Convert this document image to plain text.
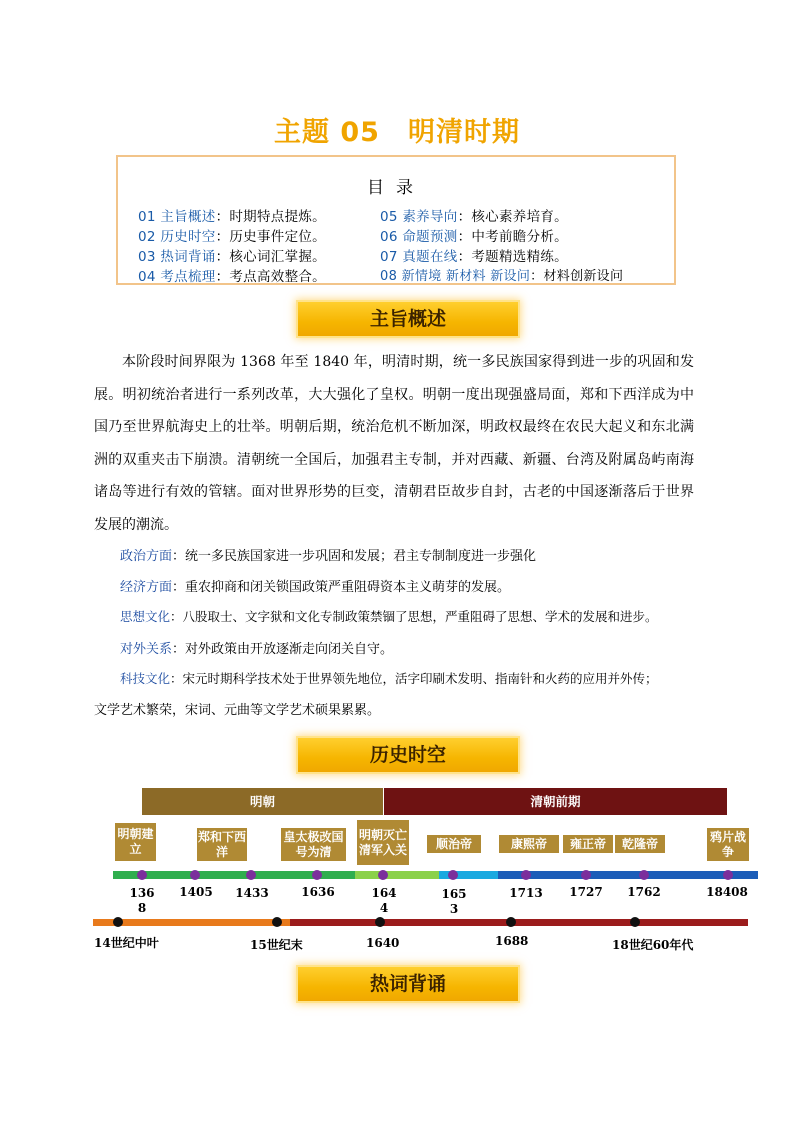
主题 05　明清时期
目录
01 主旨概述：时期特点提炼。
02 历史时空：历史事件定位。
03 热词背诵：核心词汇掌握。
04 考点梳理：考点高效整合。
05 素养导向：核心素养培育。
06 命题预测：中考前瞻分析。
07 真题在线：考题精选精练。
08 新情境 新材料 新设问：材料创新设问
主旨概述

本阶段时间界限为 1368 年至 1840 年，明清时期，统一多民族国家得到进一步的巩固和发展。明初统治者进行一系列改革，大大强化了皇权。明朝一度出现强盛局面，郑和下西洋成为中国乃至世界航海史上的壮举。明朝后期，统治危机不断加深，明政权最终在农民大起义和东北满洲的双重夹击下崩溃。清朝统一全国后，加强君主专制，并对西藏、新疆、台湾及附属岛屿南海诸岛等进行有效的管辖。面对世界形势的巨变，清朝君臣故步自封，古老的中国逐渐落后于世界发展的潮流。

政治方面：统一多民族国家进一步巩固和发展；君主专制制度进一步强化
经济方面：重农抑商和闭关锁国政策严重阻碍资本主义萌芽的发展。
思想文化：八股取士、文字狱和文化专制政策禁锢了思想，严重阻碍了思想、学术的发展和进步。
对外关系：对外政策由开放逐渐走向闭关自守。
科技文化：宋元时期科学技术处于世界领先地位，活字印刷术发明、指南针和火药的应用并外传；
文学艺术繁荣，宋词、元曲等文学艺术硕果累累。
历史时空
明朝	清朝前期
明朝建立
郑和下西洋
皇太极改国号为清
明朝灭亡清军入关	顺治帝	康熙帝	雍正帝	乾隆帝	鸦片战争
1368
1405 1433	1636	1644
1653
1713 1727 1762	18408
14世纪中叶	15世纪末	1640	1688	18世纪60年代
热词背诵
